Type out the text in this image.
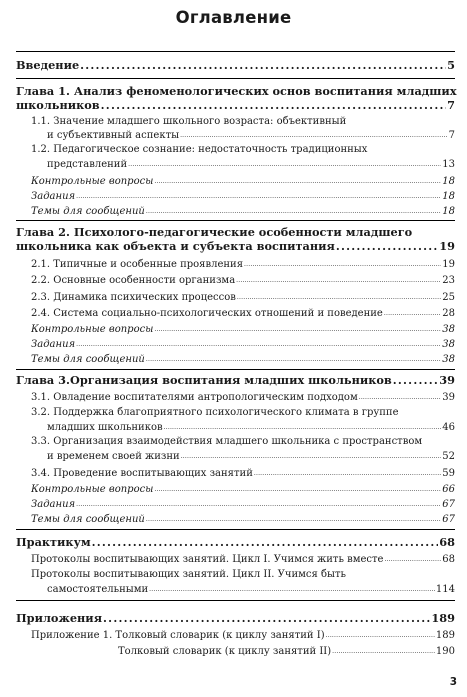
Оглавление
Введение .....	5
Глава 1. Анализ феноменологических основ воспитания младших
школьников .....	7
1.1. Значение младшего школьного возраста: объективный
и субъективный аспекты .....	7
1.2. Педагогическое сознание: недостаточность традиционных
представлений .....	13
Контрольные вопросы .....	18
Задания .....	18
Темы для сообщений .....	18
Глава 2. Психолого-педагогические особенности младшего
школьника как объекта и субъекта воспитания .....	19
2.1. Типичные и особенные проявления .....	19
2.2. Основные особенности организма .....	23
2.3. Динамика психических процессов .....	25
2.4. Система социально-психологических отношений и поведение .....	28
Контрольные вопросы .....	38
Задания .....	38
Темы для сообщений .....	38
Глава 3.Организация воспитания младших школьников .....	39
3.1. Овладение воспитателями антропологическим подходом .....	39
3.2. Поддержка благоприятного психологического климата в группе
младших школьников .....	46
3.3. Организация взаимодействия младшего школьника с пространством
и временем своей жизни .....	52
3.4. Проведение воспитывающих занятий .....	59
Контрольные вопросы .....	66
Задания .....	67
Темы для сообщений .....	67
Практикум .....	68
Протоколы воспитывающих занятий. Цикл I. Учимся жить вместе .....	68
Протоколы воспитывающих занятий. Цикл II. Учимся быть
самостоятельными .....	114
Приложения .....	189
Приложение 1. Толковый словарик (к циклу занятий I) .....	189
Толковый словарик (к циклу занятий II) .....	190
3
